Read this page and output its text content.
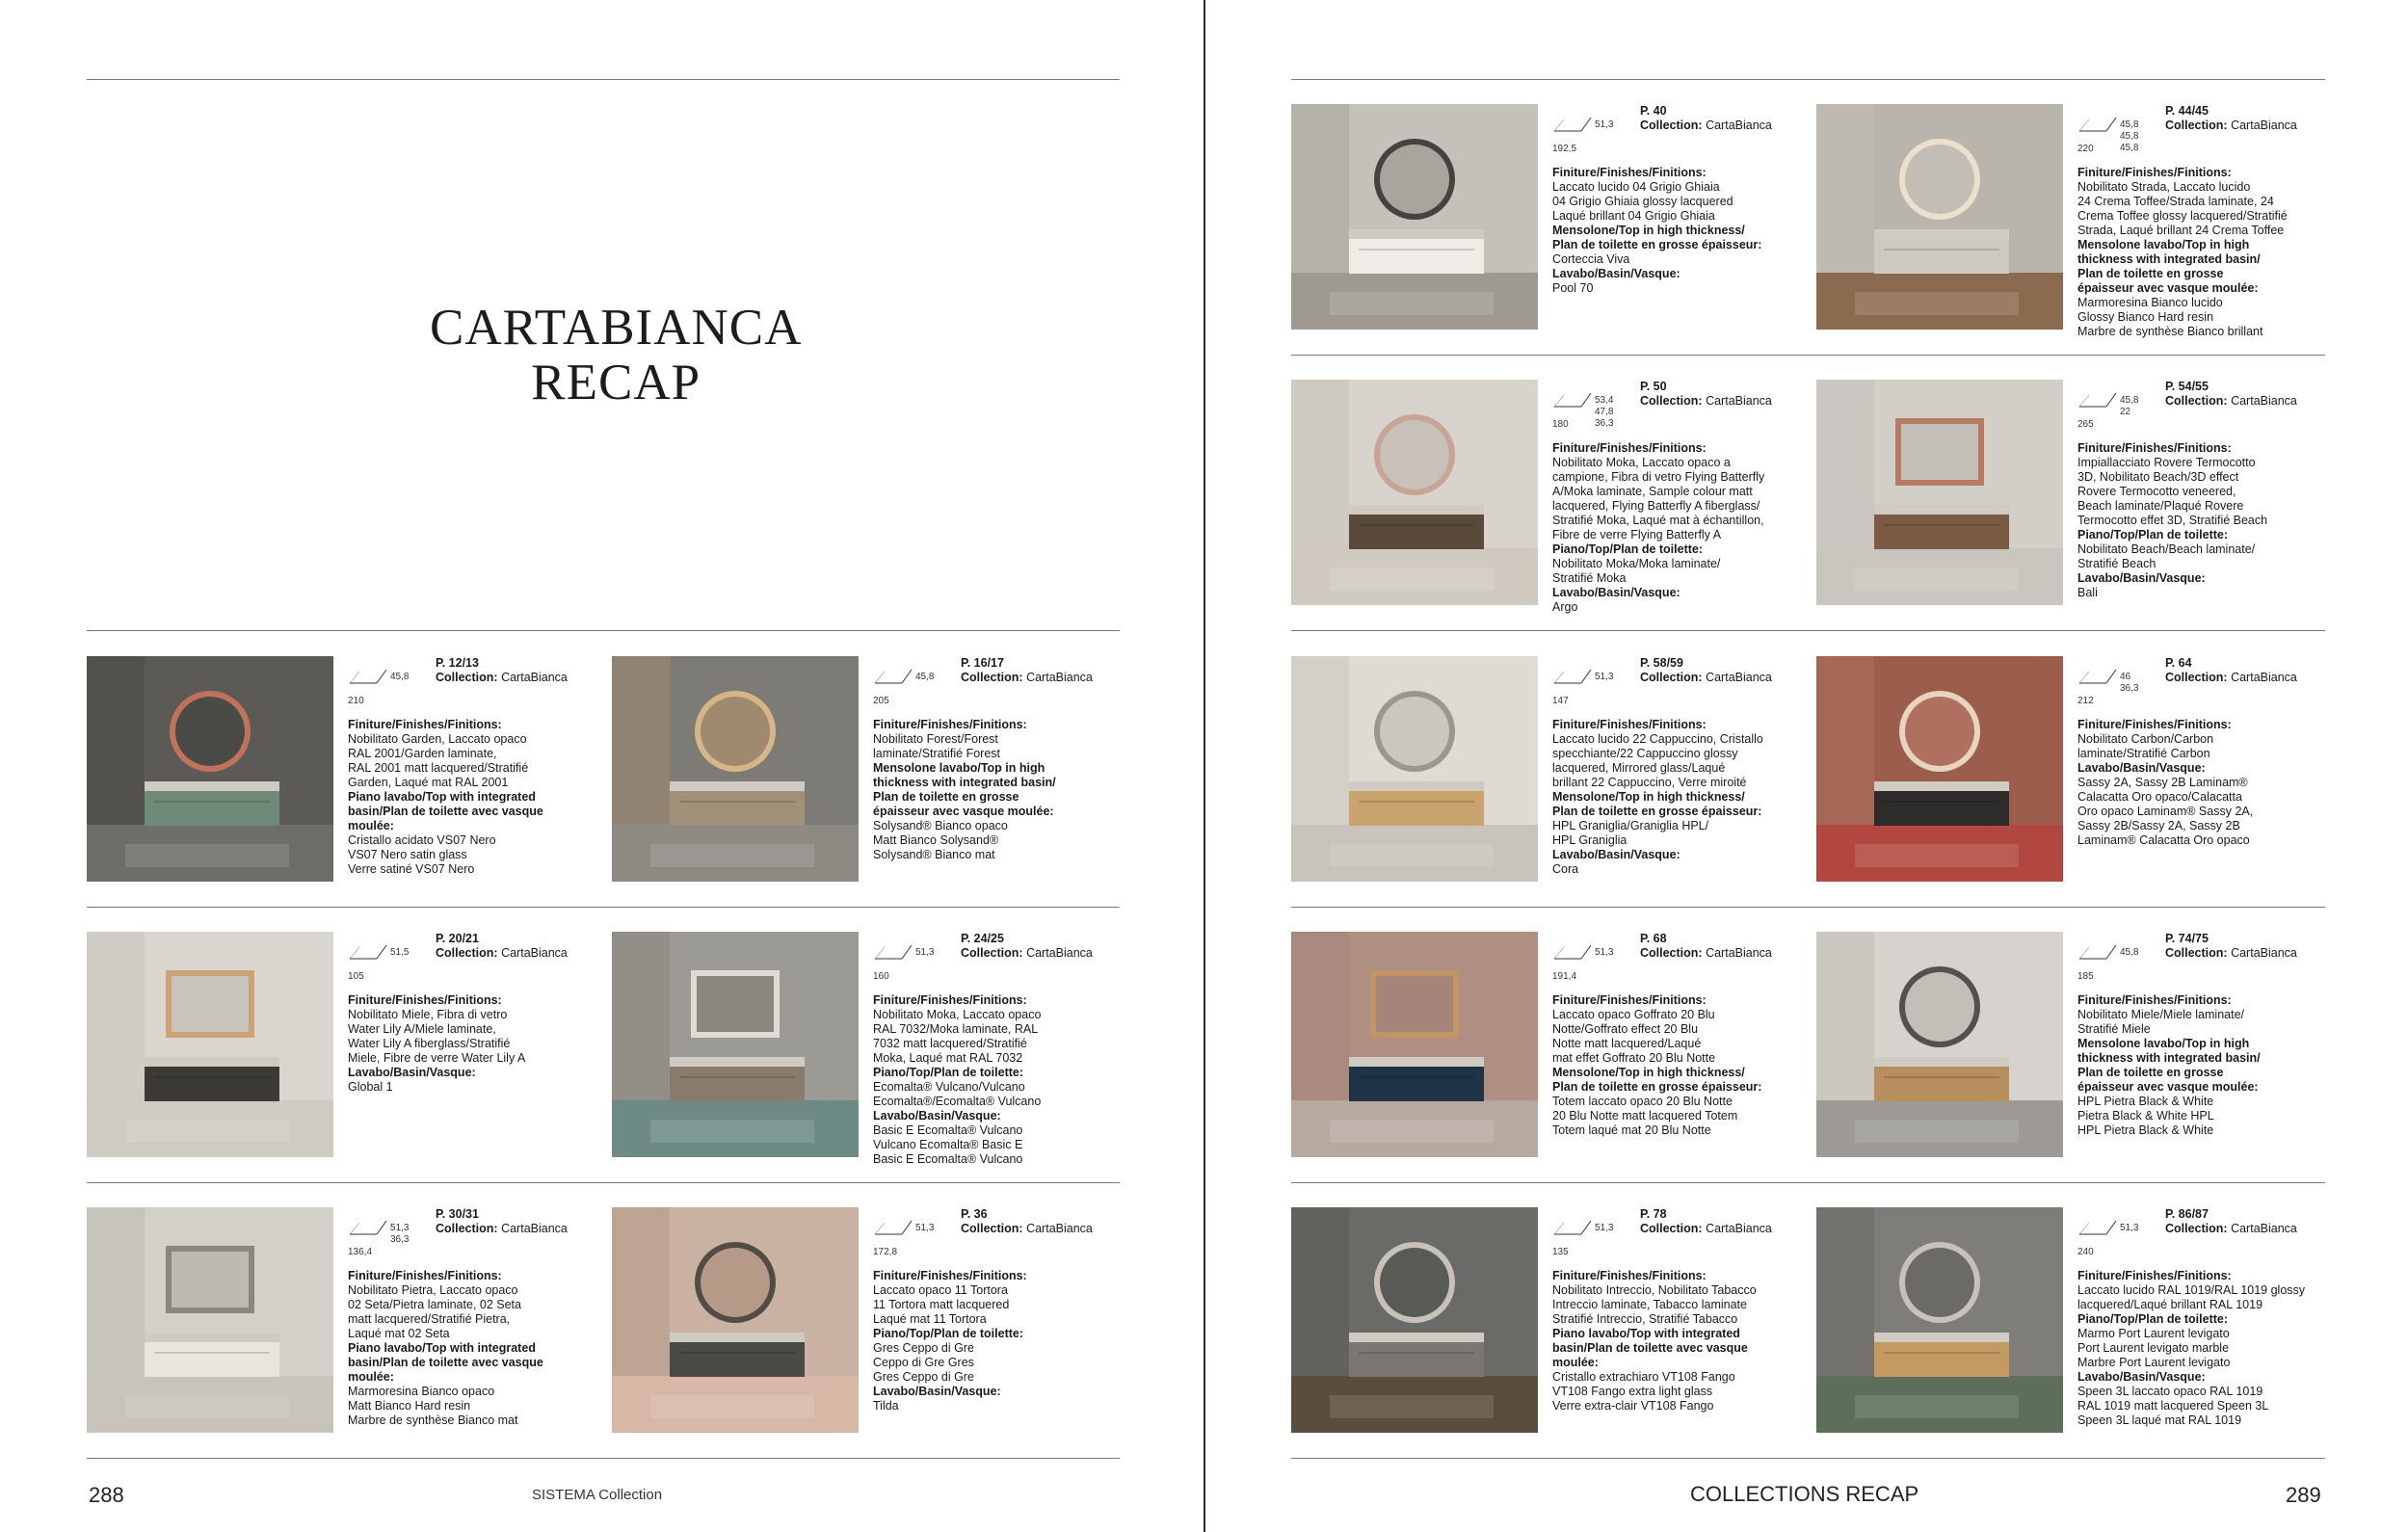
CARTABIANCA
RECAP
45,8
210
P. 12/13
Collection: CartaBianca
Finiture/Finishes/Finitions:
Nobilitato Garden, Laccato opaco
RAL 2001/Garden laminate,
RAL 2001 matt lacquered/Stratifié
Garden, Laqué mat RAL 2001
Piano lavabo/Top with integrated
basin/Plan de toilette avec vasque
moulée:
Cristallo acidato VS07 Nero
VS07 Nero satin glass
Verre satiné VS07 Nero
45,8
205
P. 16/17
Collection: CartaBianca
Finiture/Finishes/Finitions:
Nobilitato Forest/Forest
laminate/Stratifié Forest
Mensolone lavabo/Top in high
thickness with integrated basin/
Plan de toilette en grosse
épaisseur avec vasque moulée:
Solysand® Bianco opaco
Matt Bianco Solysand®
Solysand® Bianco mat
51,5
105
P. 20/21
Collection: CartaBianca
Finiture/Finishes/Finitions:
Nobilitato Miele, Fibra di vetro
Water Lily A/Miele laminate,
Water Lily A fiberglass/Stratifié
Miele, Fibre de verre Water Lily A
Lavabo/Basin/Vasque:
Global 1
51,3
160
P. 24/25
Collection: CartaBianca
Finiture/Finishes/Finitions:
Nobilitato Moka, Laccato opaco
RAL 7032/Moka laminate, RAL
7032 matt lacquered/Stratifié
Moka, Laqué mat RAL 7032
Piano/Top/Plan de toilette:
Ecomalta® Vulcano/Vulcano
Ecomalta®/Ecomalta® Vulcano
Lavabo/Basin/Vasque:
Basic E Ecomalta® Vulcano
Vulcano Ecomalta® Basic E
Basic E Ecomalta® Vulcano
51,3
36,3
136,4
P. 30/31
Collection: CartaBianca
Finiture/Finishes/Finitions:
Nobilitato Pietra, Laccato opaco
02 Seta/Pietra laminate, 02 Seta
matt lacquered/Stratifié Pietra,
Laqué mat 02 Seta
Piano lavabo/Top with integrated
basin/Plan de toilette avec vasque
moulée:
Marmoresina Bianco opaco
Matt Bianco Hard resin
Marbre de synthèse Bianco mat
51,3
172,8
P. 36
Collection: CartaBianca
Finiture/Finishes/Finitions:
Laccato opaco 11 Tortora
11 Tortora matt lacquered
Laqué mat 11 Tortora
Piano/Top/Plan de toilette:
Gres Ceppo di Gre
Ceppo di Gre Gres
Gres Ceppo di Gre
Lavabo/Basin/Vasque:
Tilda
288	SISTEMA Collection
51,3
192,5
P. 40
Collection: CartaBianca
Finiture/Finishes/Finitions:
Laccato lucido 04 Grigio Ghiaia
04 Grigio Ghiaia glossy lacquered
Laqué brillant 04 Grigio Ghiaia
Mensolone/Top in high thickness/
Plan de toilette en grosse épaisseur:
Corteccia Viva
Lavabo/Basin/Vasque:
Pool 70
45,8
45,8
45,8
220
P. 44/45
Collection: CartaBianca
Finiture/Finishes/Finitions:
Nobilitato Strada, Laccato lucido
24 Crema Toffee/Strada laminate, 24
Crema Toffee glossy lacquered/Stratifié
Strada, Laqué brillant 24 Crema Toffee
Mensolone lavabo/Top in high
thickness with integrated basin/
Plan de toilette en grosse
épaisseur avec vasque moulée:
Marmoresina Bianco lucido
Glossy Bianco Hard resin
Marbre de synthèse Bianco brillant
53,4
47,8
36,3
180
P. 50
Collection: CartaBianca
Finiture/Finishes/Finitions:
Nobilitato Moka, Laccato opaco a
campione, Fibra di vetro Flying Batterfly
A/Moka laminate, Sample colour matt
lacquered, Flying Batterfly A fiberglass/
Stratifié Moka, Laqué mat à échantillon,
Fibre de verre Flying Batterfly A
Piano/Top/Plan de toilette:
Nobilitato Moka/Moka laminate/
Stratifié Moka
Lavabo/Basin/Vasque:
Argo
45,8
22
265
P. 54/55
Collection: CartaBianca
Finiture/Finishes/Finitions:
Impiallacciato Rovere Termocotto
3D, Nobilitato Beach/3D effect
Rovere Termocotto veneered,
Beach laminate/Plaqué Rovere
Termocotto effet 3D, Stratifié Beach
Piano/Top/Plan de toilette:
Nobilitato Beach/Beach laminate/
Stratifié Beach
Lavabo/Basin/Vasque:
Bali
51,3
147
P. 58/59
Collection: CartaBianca
Finiture/Finishes/Finitions:
Laccato lucido 22 Cappuccino, Cristallo
specchiante/22 Cappuccino glossy
lacquered, Mirrored glass/Laqué
brillant 22 Cappuccino, Verre miroité
Mensolone/Top in high thickness/
Plan de toilette en grosse épaisseur:
HPL Graniglia/Graniglia HPL/
HPL Graniglia
Lavabo/Basin/Vasque:
Cora
46
36,3
212
P. 64
Collection: CartaBianca
Finiture/Finishes/Finitions:
Nobilitato Carbon/Carbon
laminate/Stratifié Carbon
Lavabo/Basin/Vasque:
Sassy 2A, Sassy 2B Laminam®
Calacatta Oro opaco/Calacatta
Oro opaco Laminam® Sassy 2A,
Sassy 2B/Sassy 2A, Sassy 2B
Laminam® Calacatta Oro opaco
51,3
191,4
P. 68
Collection: CartaBianca
Finiture/Finishes/Finitions:
Laccato opaco Goffrato 20 Blu
Notte/Goffrato effect 20 Blu
Notte matt lacquered/Laqué
mat effet Goffrato 20 Blu Notte
Mensolone/Top in high thickness/
Plan de toilette en grosse épaisseur:
Totem laccato opaco 20 Blu Notte
20 Blu Notte matt lacquered Totem
Totem laqué mat 20 Blu Notte
45,8
185
P. 74/75
Collection: CartaBianca
Finiture/Finishes/Finitions:
Nobilitato Miele/Miele laminate/
Stratifié Miele
Mensolone lavabo/Top in high
thickness with integrated basin/
Plan de toilette en grosse
épaisseur avec vasque moulée:
HPL Pietra Black & White
Pietra Black & White HPL
HPL Pietra Black & White
51,3
135
P. 78
Collection: CartaBianca
Finiture/Finishes/Finitions:
Nobilitato Intreccio, Nobilitato Tabacco
Intreccio laminate, Tabacco laminate
Stratifié Intreccio, Stratifié Tabacco
Piano lavabo/Top with integrated
basin/Plan de toilette avec vasque
moulée:
Cristallo extrachiaro VT108 Fango
VT108 Fango extra light glass
Verre extra-clair VT108 Fango
51,3
240
P. 86/87
Collection: CartaBianca
Finiture/Finishes/Finitions:
Laccato lucido RAL 1019/RAL 1019 glossy
lacquered/Laqué brillant RAL 1019
Piano/Top/Plan de toilette:
Marmo Port Laurent levigato
Port Laurent levigato marble
Marbre Port Laurent levigato
Lavabo/Basin/Vasque:
Speen 3L laccato opaco RAL 1019
RAL 1019 matt lacquered Speen 3L
Speen 3L laqué mat RAL 1019
COLLECTIONS RECAP	289
